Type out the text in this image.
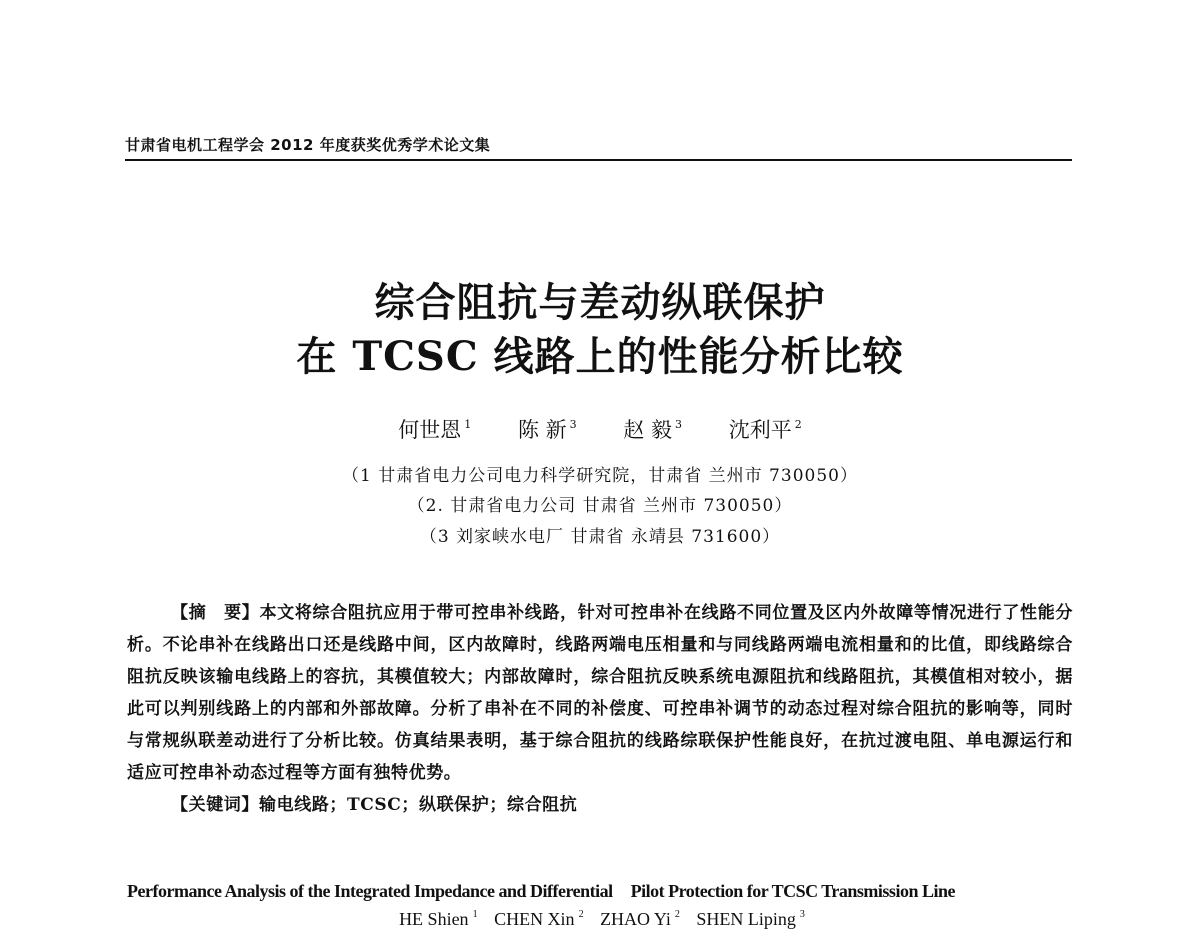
甘肃省电机工程学会 2012 年度获奖优秀学术论文集
综合阻抗与差动纵联保护
在 TCSC 线路上的性能分析比较
何世恩 $^1$ 陈 新 $^3$ 赵 毅 $^3$ 沈利平 $^2$
（1 甘肃省电力公司电力科学研究院，甘肃省 兰州市 730050）
（2. 甘肃省电力公司 甘肃省 兰州市 730050）
（3 刘家峡水电厂 甘肃省 永靖县 731600）

【摘　要】本文将综合阻抗应用于带可控串补线路，针对可控串补在线路不同位置及区内外故障等情况进行了性能分析。不论串补在线路出口还是线路中间，区内故障时，线路两端电压相量和与同线路两端电流相量和的比值，即线路综合阻抗反映该输电线路上的容抗，其模值较大；内部故障时，综合阻抗反映系统电源阻抗和线路阻抗，其模值相对较小，据此可以判别线路上的内部和外部故障。分析了串补在不同的补偿度、可控串补调节的动态过程对综合阻抗的影响等，同时与常规纵联差动进行了分析比较。仿真结果表明，基于综合阻抗的线路综联保护性能良好，在抗过渡电阻、单电源运行和适应可控串补动态过程等方面有独特优势。

【关键词】输电线路；TCSC；纵联保护；综合阻抗

Performance Analysis of the Integrated Impedance and Differential Pilot Protection for TCSC Transmission Line
HE Shien $^1$ CHEN Xin $^2$ ZHAO Yi $^2$ SHEN Liping $^3$
